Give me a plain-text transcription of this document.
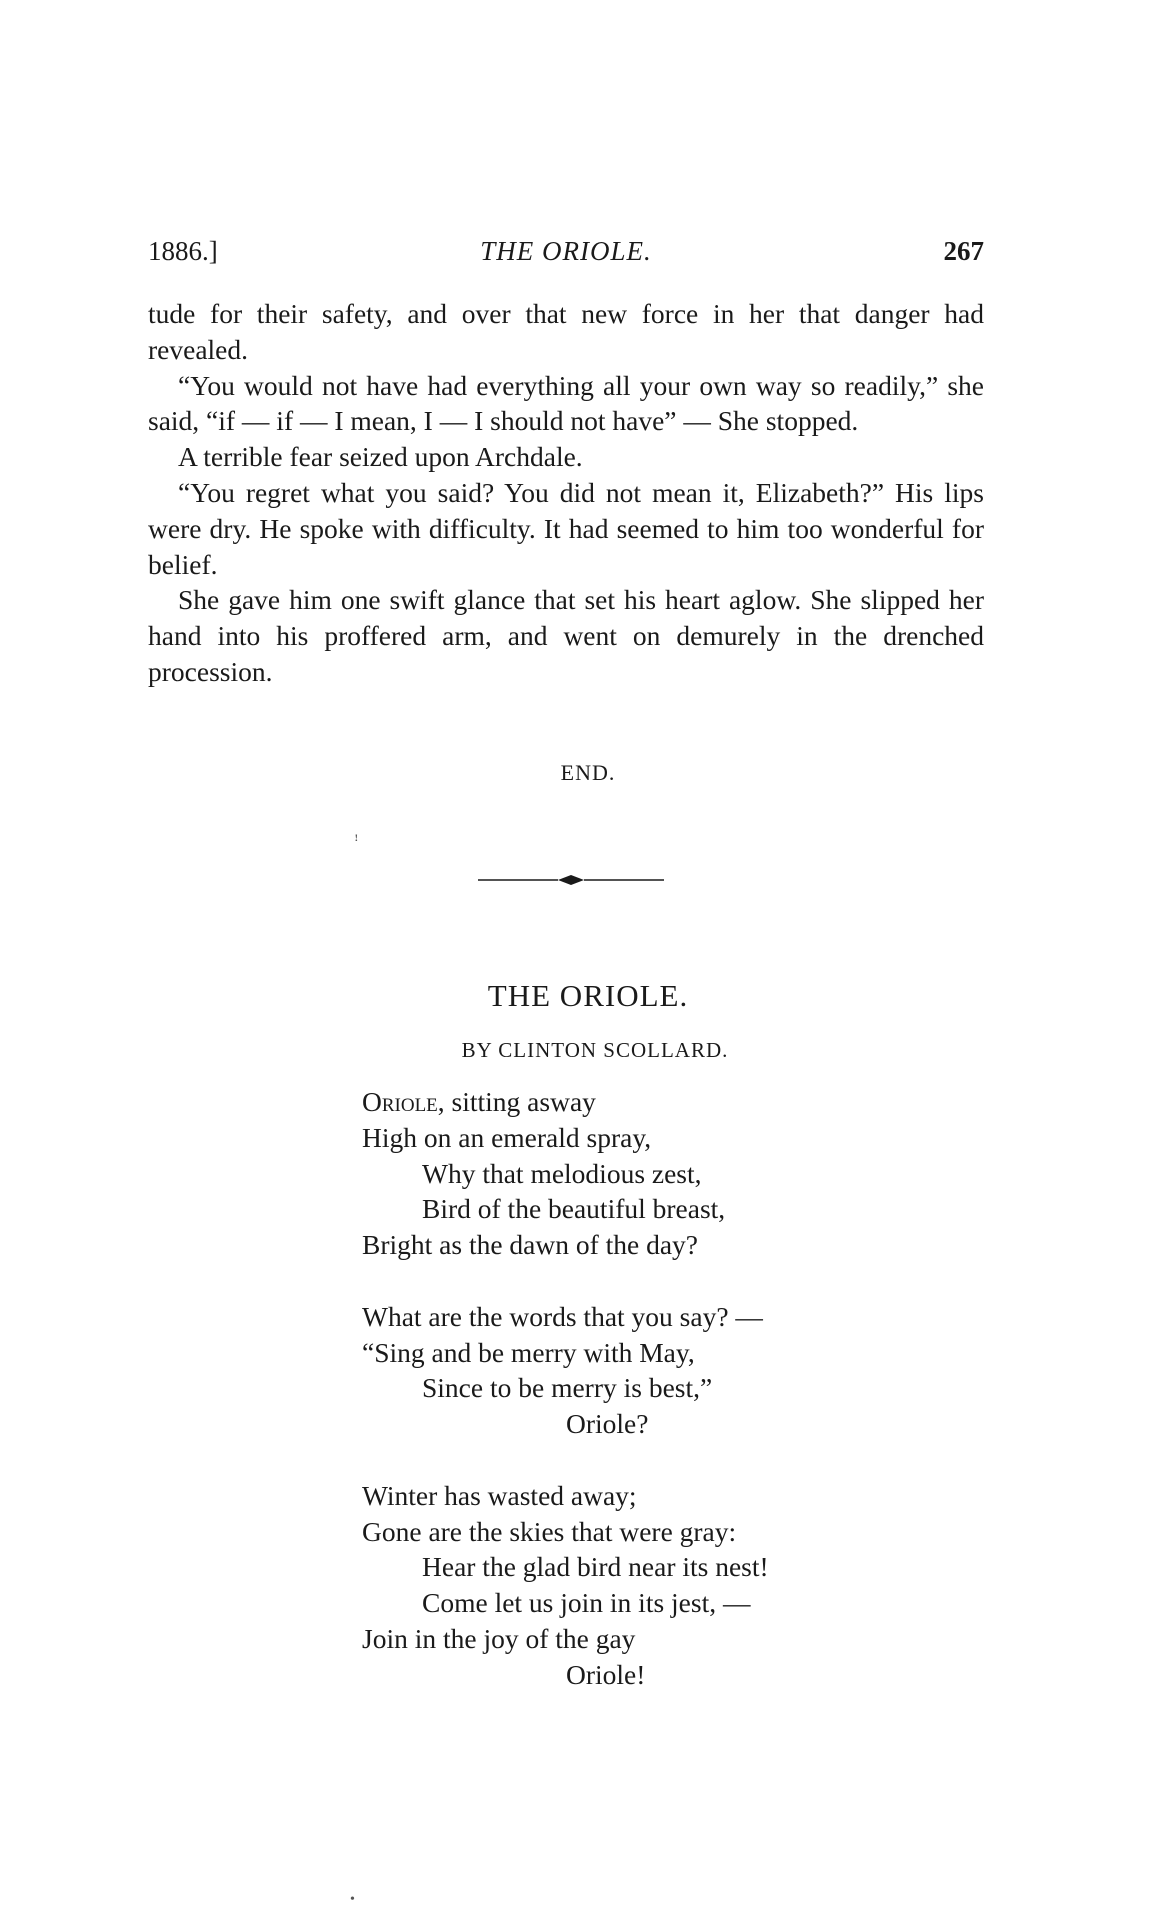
1886.]	THE ORIOLE.	267

tude for their safety, and over that new force in her that danger had revealed.

“You would not have had everything all your own way so readily,” she said, “if — if — I mean, I — I should not have” — She stopped.

A terrible fear seized upon Archdale.

“You regret what you said? You did not mean it, Elizabeth?” His lips were dry. He spoke with difficulty. It had seemed to him too wonderful for belief.

She gave him one swift glance that set his heart aglow. She slipped her hand into his proffered arm, and went on demurely in the drenched procession.

END.
ꜝ
THE ORIOLE.
BY CLINTON SCOLLARD.
Oriole, sitting asway
High on an emerald spray,
Why that melodious zest,
Bird of the beautiful breast,
Bright as the dawn of the day?
What are the words that you say? —
“Sing and be merry with May,
Since to be merry is best,”
Oriole?
Winter has wasted away;
Gone are the skies that were gray:
Hear the glad bird near its nest!
Come let us join in its jest, —
Join in the joy of the gay
Oriole!
•
